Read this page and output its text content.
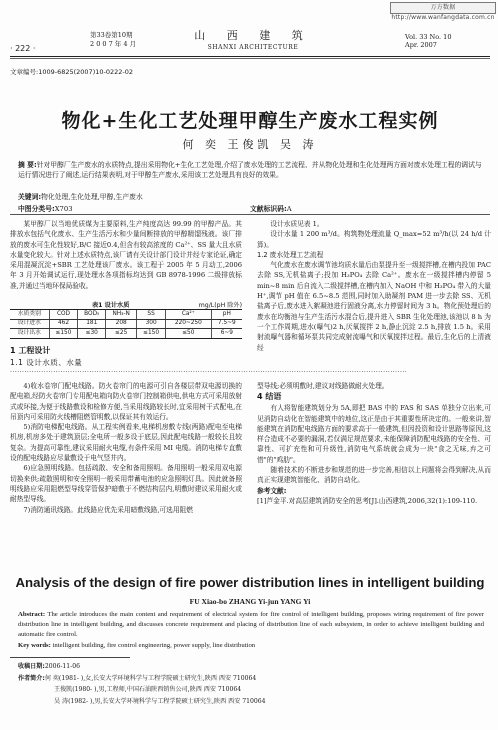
万方数据 http://www.wanfangdata.com.cn
· 222 ·
第33卷第10期
2 0 0 7 年 4 月
山 西 建 筑
SHANXI ARCHITECTURE
Vol. 33 No. 10
Apr. 2007
文章编号:1009-6825(2007)10-0222-02
物化+生化工艺处理甲醇生产废水工程实例
何 奕 王俊凯 吴 涛
摘 要:针对甲醇厂生产废水的水质特点,提出采用物化+生化工艺处理,介绍了废水处理的工艺流程、并从物化处理和生化处理两方面对废水处理工程的调试与运行情况进行了阐述,运行结果表明,对于甲醇生产废水,采用该工艺处理具有良好的效果。
关键词:物化处理,生化处理,甲醇,生产废水
中图分类号:X703	文献标识码:A

某甲醇厂以当地优质煤为主要原料,生产纯度高达 99.99 的甲醇产品。其排放水包括气化废水、生产生活污水和少量间断排放的甲醇精馏残液。该厂排放的废水可生化性较好,B/C 接近0.4,但含有较高浓度的 Ca²⁺、SS 量大且水质水量变化较大。针对上述水质特点,该厂请有关设计部门设计并经专家论证,确定采用混凝沉淀+SBR 工艺处理该厂废水。该工程于 2005 年 5 月动工,2006 年 3 月开始调试运行,现处理水各项指标均达到 GB 8978-1996 二级排放标准,并通过当地环保局验收。

表1 设计水质	mg/L(pH 除外)
水质类别	COD	BOD₅	NH₃-N	SS	Ca²⁺	pH
设计进水	462	181	208	300	220~250	7.5~9
设计出水	≤150	≤30	≤25	≤150	≤50	6~9
1 工程设计
1.1 设计水质、水量

设计水质见表 1。

设计水量 1 200 m³/d。构筑物处理流量 Q_max=52 m³/h(以 24 h/d 计算)。

1.2 废水处理工艺流程

气化废水在废水调节池均质水量后由泵提升至一级搅拌槽,在槽内投加 PAC 去除 SS,无机盐离子;投加 H₃PO₄ 去除 Ca²⁺。废水在一级搅拌槽内停留 5 min~8 min 后自流入二级搅拌槽,在槽内加入 NaOH 中和 H₃PO₄ 带入的大量 H⁺,调节 pH 值在 6.5~8.5 范围,同时加入助凝剂 PAM 进一步去除 SS、无机盐离子后,废水进入絮凝池进行固液分离,水力停留时间为 3 h。物化预处理后的废水在均衡池与生产生活污水混合后,提升进入 SBR 生化处理池,该池以 8 h 为一个工作周期,进水(曝气)2 h,厌氧搅拌 2 h,静止沉淀 2.5 h,排放 1.5 h。采用射流曝气器和循环泵共同完成射流曝气和厌氧搅拌过程。最后,生化后的上清液经

·····································································································································································

4)收水卷帘门配电线路。防火卷帘门的电源可引自各楼层带双电源切换的配电箱,经防火卷帘门专用配电箱向防火卷帘门控制箱供电,供电方式可采用放射式或环接,为便于线路敷设和检修方便,当采用线路较长时,宜采用树干式配电,在吊顶内可采用防火线槽阻燃管明敷,以保证其有效运行。

5)消防电梯配电线路。从工程实例看来,电梯机房敷专线(两路)配电至电梯机房,机房多处于建筑顶层;全电所一般多设于底层,因此配电线路一般较长且较复杂。为提高可靠性,建议采用耐火电缆,有条件采用 MI 电缆。消防电梯专直敷设的配电线路应尽量敷设于电气竖井内。

6)应急照明线路。包括疏散、安全和备用照明。备用照明一般采用双电源切换来供;疏散照明和安全照明一般采用带蓄电池的应急照明灯具。因此就备照明线路应采用阻燃型导线穿管保护暗敷于不燃结构层内,明敷时建议采用耐火或耐热型导线。

7)消防通讯线路。此线路应优先采用暗敷线路,可选用阻燃

型导线;必须明敷时,建议对线路做耐火处理。

4 结语

有人将智能建筑划分为 5A,即把 BAS 中的 FAS 和 SAS 单独分立出来,可见消防自动化在智能建筑中的地位,这正是由于其重要性所决定的。一般来讲,智能建筑在消防配电线路方面的要求高于一般建筑,但因投资和设计思路等原因,这样合造成不必要的漏洞,若仅满足规范要求,未能保障消防配电线路的安全性、可靠性、可扩充性和可升级性,消防电气系统就会成为一块"食之无味,弃之可惜"的"鸡肋"。

随着技术的不断进步和规范的进一步完善,相信以上问题将会得到解决,从而真正实现建筑智能化、消防自动化。

参考文献:

[1]芦金平.对高层建筑消防安全的思考[J].山西建筑,2006,32(1):109-110.

Analysis of the design of fire power distribution lines in intelligent building
FU Xiao-bo ZHANG Yi-jun YANG Yi
Abstract: The article introduces the main content and requirement of electrical system for fire control of intelligent building, proposes wiring requirement of fire power distribution line in intelligent building, and discusses concrete requirement and placing of distribution line of each subsystem, in order to achieve intelligent building and automatic fire control.
Key words: intelligent building, fire control engineering, power supply, line distribution
收稿日期:2006-11-06
作者简介:何 奕(1981- ),女,长安大学环境科学与工程学院硕士研究生,陕西 西安 710064
王俊凯(1980- ),男,工程师,中国石油陕西销售公司,陕西 西安 710064
吴 涛(1982- ),男,长安大学环境科学与工程学院硕士研究生,陕西 西安 710064
